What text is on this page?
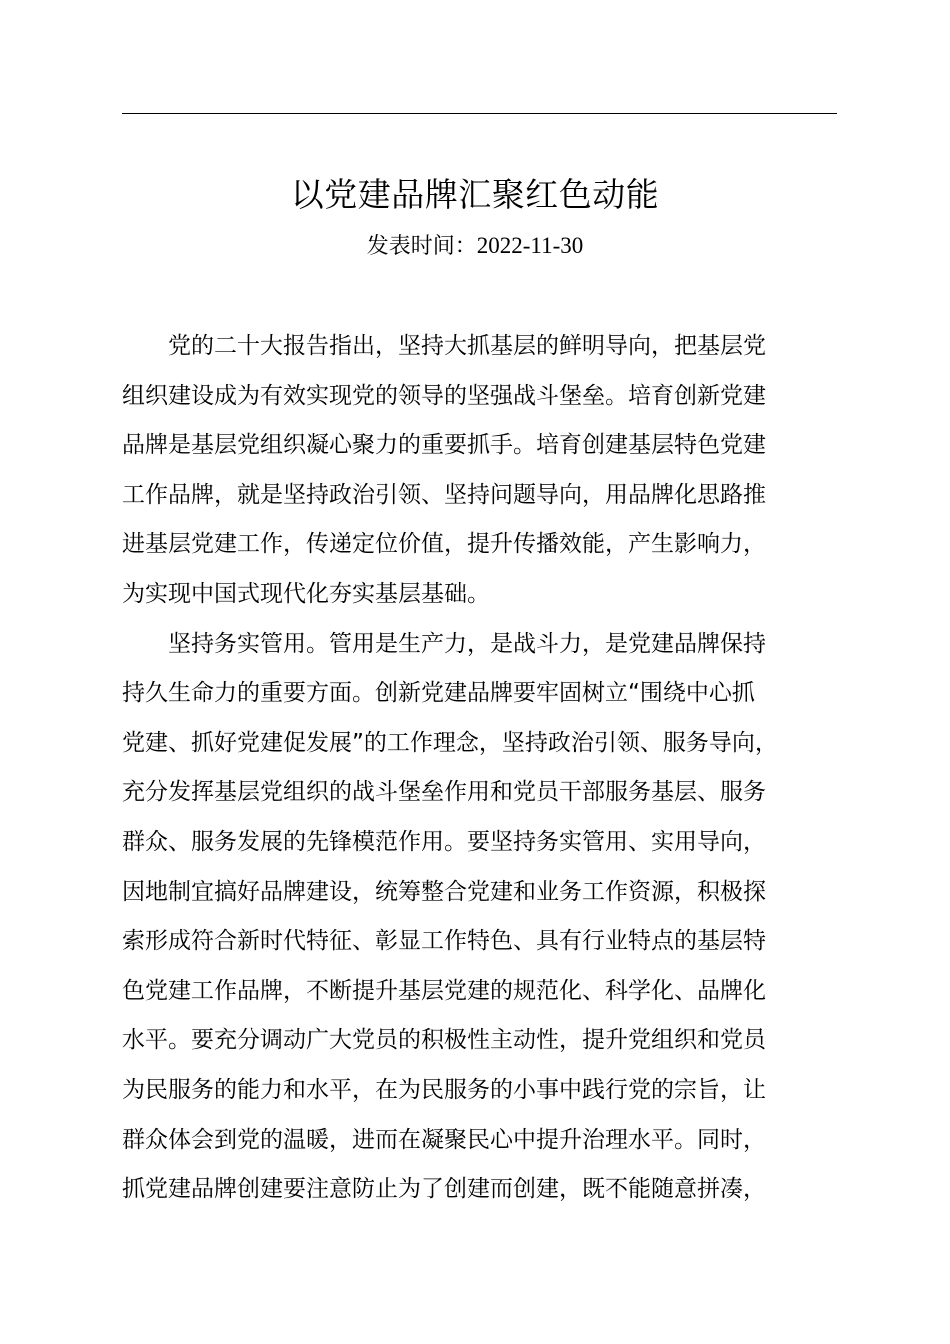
以党建品牌汇聚红色动能
发表时间：2022-11-30
　　党的二十大报告指出，坚持大抓基层的鲜明导向，把基层党
组织建设成为有效实现党的领导的坚强战斗堡垒。培育创新党建
品牌是基层党组织凝心聚力的重要抓手。培育创建基层特色党建
工作品牌，就是坚持政治引领、坚持问题导向，用品牌化思路推
进基层党建工作，传递定位价值，提升传播效能，产生影响力，
为实现中国式现代化夯实基层基础。
　　坚持务实管用。管用是生产力，是战斗力，是党建品牌保持
持久生命力的重要方面。创新党建品牌要牢固树立“围绕中心抓
党建、抓好党建促发展”的工作理念，坚持政治引领、服务导向，
充分发挥基层党组织的战斗堡垒作用和党员干部服务基层、服务
群众、服务发展的先锋模范作用。要坚持务实管用、实用导向，
因地制宜搞好品牌建设，统筹整合党建和业务工作资源，积极探
索形成符合新时代特征、彰显工作特色、具有行业特点的基层特
色党建工作品牌，不断提升基层党建的规范化、科学化、品牌化
水平。要充分调动广大党员的积极性主动性，提升党组织和党员
为民服务的能力和水平，在为民服务的小事中践行党的宗旨，让
群众体会到党的温暖，进而在凝聚民心中提升治理水平。同时，
抓党建品牌创建要注意防止为了创建而创建，既不能随意拼凑，
